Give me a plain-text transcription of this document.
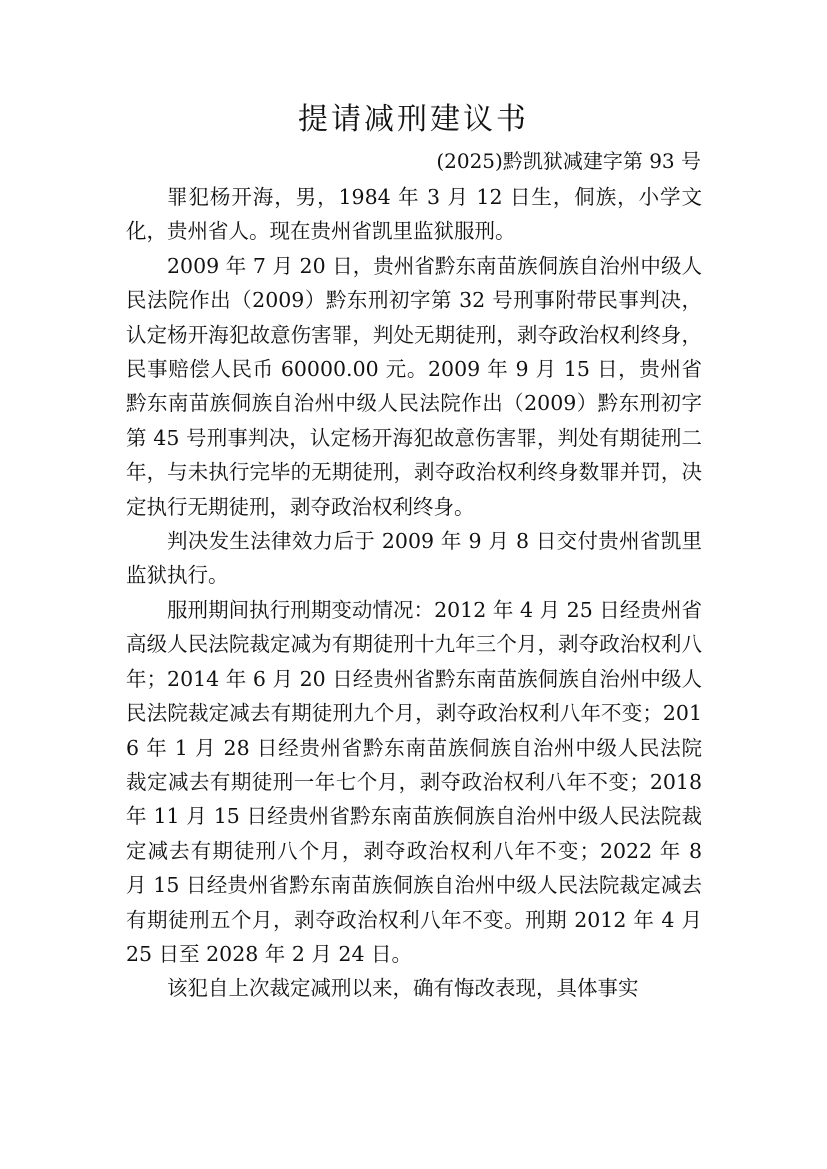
提请减刑建议书
(2025)黔凯狱减建字第 93 号

罪犯杨开海，男，1984 年 3 月 12 日生，侗族，小学文化，贵州省人。现在贵州省凯里监狱服刑。

2009 年 7 月 20 日，贵州省黔东南苗族侗族自治州中级人民法院作出（2009）黔东刑初字第 32 号刑事附带民事判决，认定杨开海犯故意伤害罪，判处无期徒刑，剥夺政治权利终身，民事赔偿人民币 60000.00 元。2009 年 9 月 15 日，贵州省黔东南苗族侗族自治州中级人民法院作出（2009）黔东刑初字第 45 号刑事判决，认定杨开海犯故意伤害罪，判处有期徒刑二年，与未执行完毕的无期徒刑，剥夺政治权利终身数罪并罚，决定执行无期徒刑，剥夺政治权利终身。

判决发生法律效力后于 2009 年 9 月 8 日交付贵州省凯里监狱执行。

服刑期间执行刑期变动情况：2012 年 4 月 25 日经贵州省高级人民法院裁定减为有期徒刑十九年三个月，剥夺政治权利八年；2014 年 6 月 20 日经贵州省黔东南苗族侗族自治州中级人民法院裁定减去有期徒刑九个月，剥夺政治权利八年不变；2016 年 1 月 28 日经贵州省黔东南苗族侗族自治州中级人民法院裁定减去有期徒刑一年七个月，剥夺政治权利八年不变；2018 年 11 月 15 日经贵州省黔东南苗族侗族自治州中级人民法院裁定减去有期徒刑八个月，剥夺政治权利八年不变；2022 年 8 月 15 日经贵州省黔东南苗族侗族自治州中级人民法院裁定减去有期徒刑五个月，剥夺政治权利八年不变。刑期 2012 年 4 月 25 日至 2028 年 2 月 24 日。

该犯自上次裁定减刑以来，确有悔改表现，具体事实
